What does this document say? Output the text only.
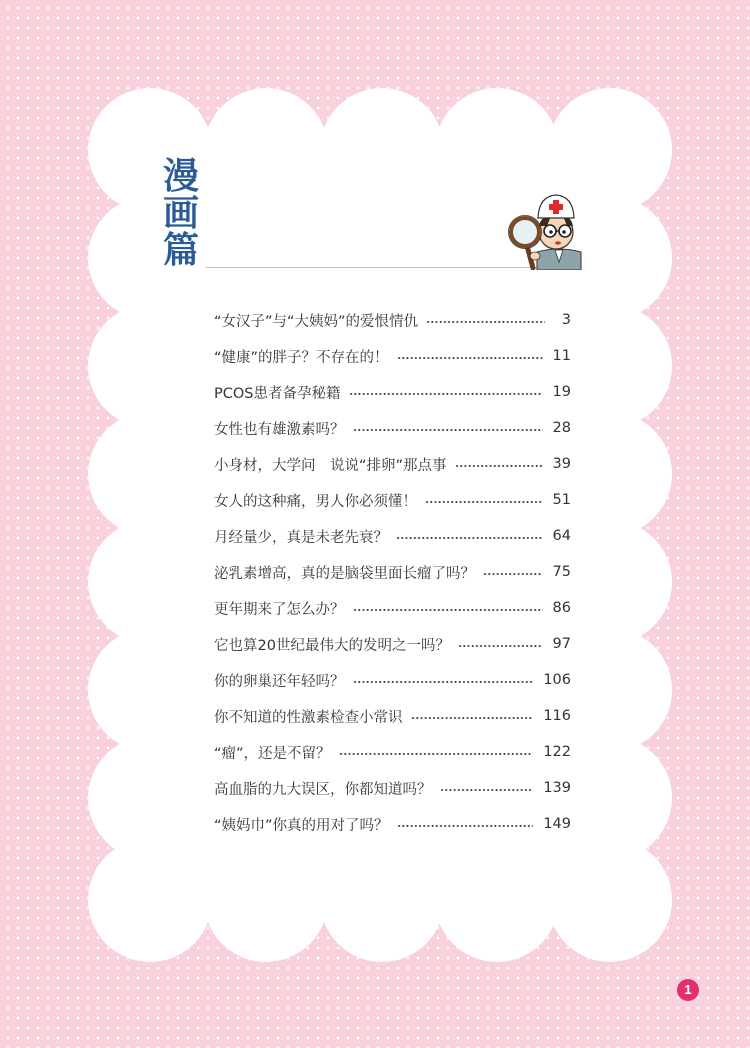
漫画篇
“女汉子”与“大姨妈”的爱恨情仇	3
“健康”的胖子？不存在的！	11
PCOS患者备孕秘籍	19
女性也有雄激素吗？	28
小身材，大学问　说说“排卵”那点事	39
女人的这种痛，男人你必须懂！	51
月经量少，真是未老先衰？	64
泌乳素增高，真的是脑袋里面长瘤了吗？	75
更年期来了怎么办？	86
它也算20世纪最伟大的发明之一吗？	97
你的卵巢还年轻吗？	106
你不知道的性激素检查小常识	116
“瘤”，还是不留？	122
高血脂的九大误区，你都知道吗？	139
“姨妈巾”你真的用对了吗？	149
1
